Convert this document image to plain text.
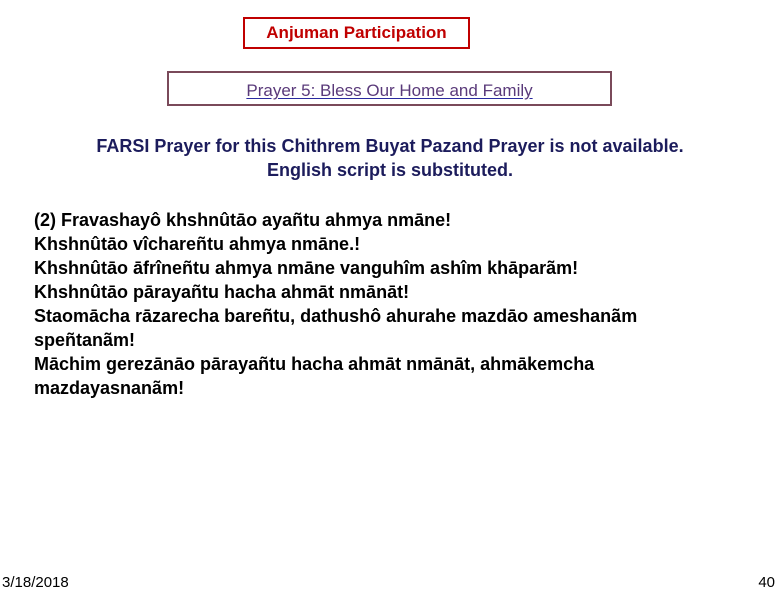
Anjuman Participation
Prayer 5: Bless Our Home and Family
FARSI Prayer for this Chithrem Buyat Pazand Prayer is not available.
English script is substituted.
(2) Fravashayô khshnûtāo ayañtu ahmya nmāne!
Khshnûtāo vîchareñtu ahmya nmāne.!
Khshnûtāo āfrîneñtu ahmya nmāne vanguhîm ashîm khāparãm!
Khshnûtāo pārayañtu hacha ahmāt nmānāt!
Staomācha rāzarecha bareñtu, dathushô ahurahe mazdāo ameshanãm
speñtanãm!
Māchim gerezānāo pārayañtu hacha ahmāt nmānāt, ahmākemcha
mazdayasnanãm!
3/18/2018	40
